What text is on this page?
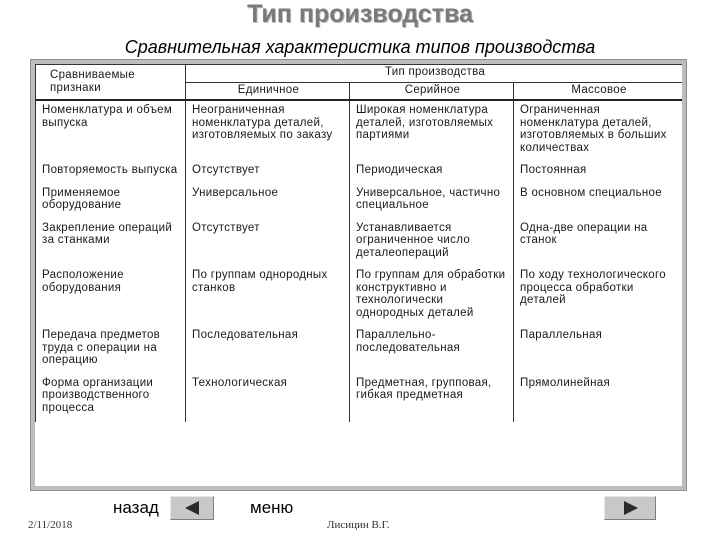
Тип производства
Сравнительная характеристика типов производства
Сравниваемые признаки	Тип производства		
	Единичное	Серийное	Массовое
Номенклатура и объем выпуска	Неограниченная номенклатура деталей, изготовляемых по заказу	Широкая номенклатура деталей, изготовляемых партиями	Ограниченная номенклатура деталей, изготовляемых в больших количествах
Повторяемость выпуска	Отсутствует	Периодическая	Постоянная
Применяемое оборудование	Универсальное	Универсальное, частично специальное	В основном специальное
Закрепление операций за станками	Отсутствует	Устанавливается ограниченное число деталеопераций	Одна-две операции на станок
Расположение оборудования	По группам однородных станков	По группам для обработки конструктивно и технологически однородных деталей	По ходу технологического процесса обработки деталей
Передача предметов труда с операции на операцию	Последовательная	Параллельно-последовательная	Параллельная
Форма организации производственного процесса	Технологическая	Предметная, групповая, гибкая предметная	Прямолинейная
2/11/2018
назад	меню
Лисицин В.Г.
